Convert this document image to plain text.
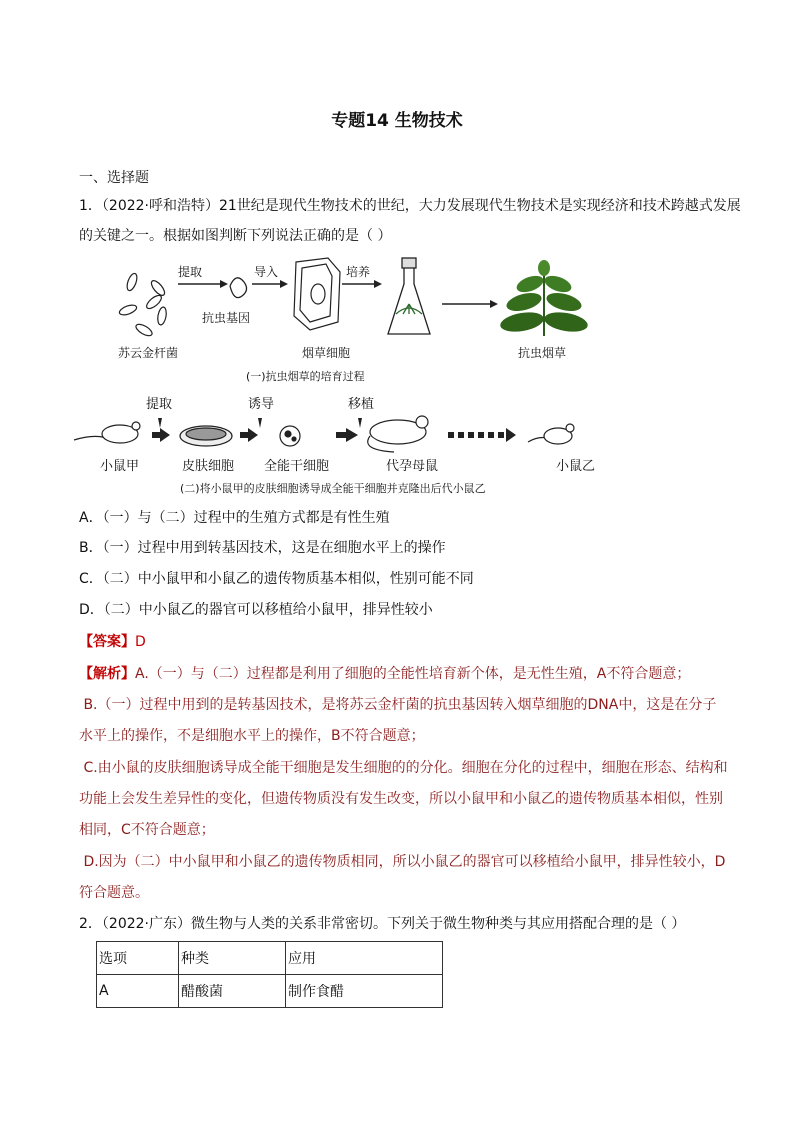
专题14 生物技术
一、选择题
1．（2022·呼和浩特）21世纪是现代生物技术的世纪，大力发展现代生物技术是实现经济和技术跨越式发展
的关键之一。根据如图判断下列说法正确的是（ ）
苏云金杆菌
提取
抗虫基因
导入
烟草细胞
培养
抗虫烟草
(一)抗虫烟草的培育过程
提取	诱导	移植
小鼠甲	皮肤细胞 全能干细胞	代孕母鼠	小鼠乙
(二)将小鼠甲的皮肤细胞诱导成全能干细胞并克隆出后代小鼠乙
A．（一）与（二）过程中的生殖方式都是有性生殖
B．（一）过程中用到转基因技术，这是在细胞水平上的操作
C．（二）中小鼠甲和小鼠乙的遗传物质基本相似，性别可能不同
D．（二）中小鼠乙的器官可以移植给小鼠甲，排异性较小
【答案】D
【解析】A.（一）与（二）过程都是利用了细胞的全能性培育新个体，是无性生殖，A不符合题意；
B.（一）过程中用到的是转基因技术，是将苏云金杆菌的抗虫基因转入烟草细胞的DNA中，这是在分子
水平上的操作，不是细胞水平上的操作，B不符合题意；
C.由小鼠的皮肤细胞诱导成全能干细胞是发生细胞的的分化。细胞在分化的过程中，细胞在形态、结构和
功能上会发生差异性的变化，但遗传物质没有发生改变，所以小鼠甲和小鼠乙的遗传物质基本相似，性别
相同，C不符合题意；
D.因为（二）中小鼠甲和小鼠乙的遗传物质相同，所以小鼠乙的器官可以移植给小鼠甲，排异性较小，D
符合题意。
2．（2022·广东）微生物与人类的关系非常密切。下列关于微生物种类与其应用搭配合理的是（ ）
选项	种类	应用
A	醋酸菌	制作食醋
